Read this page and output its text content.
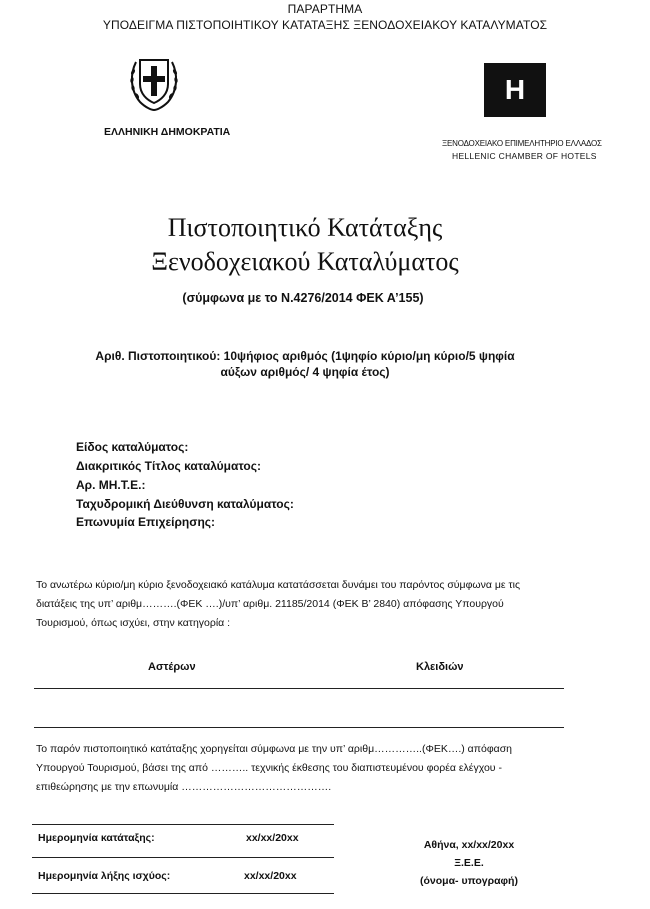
ΠΑΡΑΡΤΗΜΑ
ΥΠΟΔΕΙΓΜΑ ΠΙΣΤΟΠΟΙΗΤΙΚΟΥ ΚΑΤΑΤΑΞΗΣ ΞΕΝΟΔΟΧΕΙΑΚΟΥ ΚΑΤΑΛΥΜΑΤΟΣ
ΕΛΛΗΝΙΚΗ ΔΗΜΟΚΡΑΤΙΑ
H
ΞΕΝΟΔΟΧΕΙΑΚΟ ΕΠΙΜΕΛΗΤΗΡΙΟ ΕΛΛΑΔΟΣ
HELLENIC CHAMBER OF HOTELS
Πιστοποιητικό Κατάταξης
Ξενοδοχειακού Καταλύματος
(σύμφωνα με το Ν.4276/2014 ΦΕΚ Α’155)
Αριθ. Πιστοποιητικού: 10ψήφιος αριθμός (1ψηφίο κύριο/μη κύριο/5 ψηφία
αύξων αριθμός/ 4 ψηφία έτος)
Είδος καταλύματος:
Διακριτικός Τίτλος καταλύματος:
Αρ. ΜΗ.Τ.Ε.:
Ταχυδρομική Διεύθυνση καταλύματος:
Επωνυμία Επιχείρησης:
Το ανωτέρω κύριο/μη κύριο ξενοδοχειακό κατάλυμα κατατάσσεται δυνάμει του παρόντος σύμφωνα με τις
διατάξεις της υπ’ αριθμ……….(ΦΕΚ ….)/υπ’ αριθμ. 21185/2014 (ΦΕΚ Β’ 2840) απόφασης Υπουργού
Τουρισμού, όπως ισχύει, στην κατηγορία :
Αστέρων	Κλειδιών
Το παρόν πιστοποιητικό κατάταξης χορηγείται σύμφωνα με την υπ’ αριθμ…………..(ΦΕΚ….) απόφαση
Υπουργού Τουρισμού, βάσει της από ……….. τεχνικής έκθεσης του διαπιστευμένου φορέα ελέγχου -
επιθεώρησης με την επωνυμία …………………………………….
Ημερομηνία κατάταξης:	xx/xx/20xx
Ημερομηνία λήξης ισχύος:	xx/xx/20xx
Αθήνα, xx/xx/20xx
Ξ.Ε.Ε.
(όνομα- υπογραφή)
